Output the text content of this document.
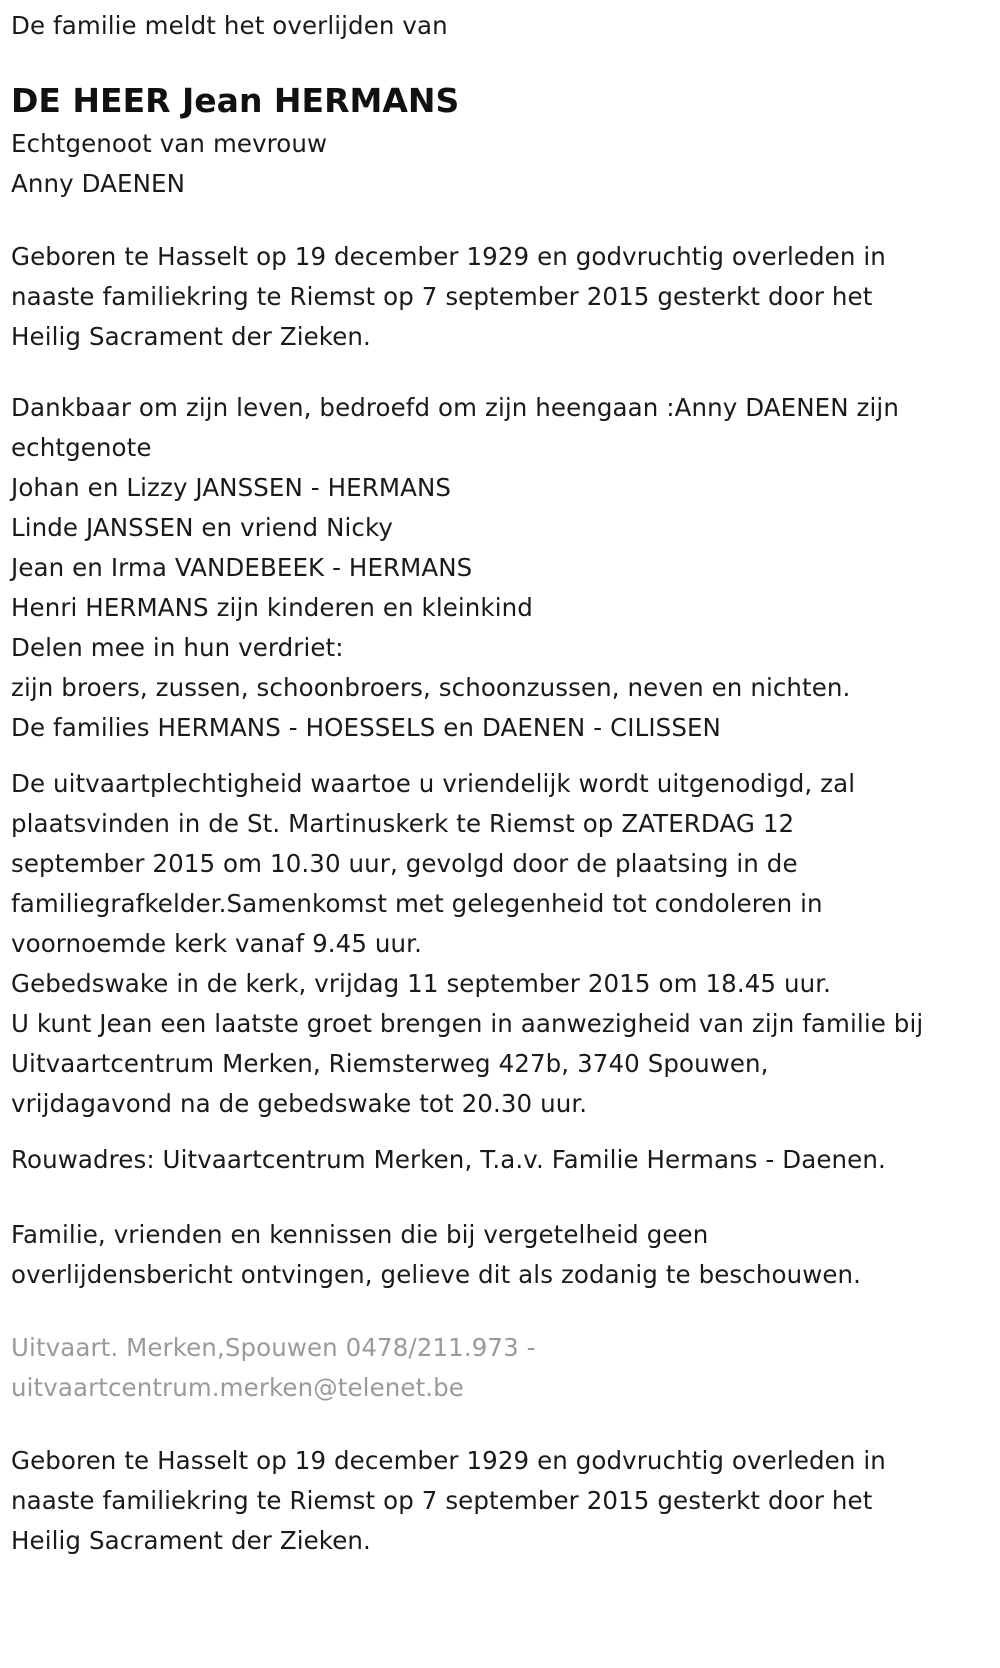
De familie meldt het overlijden van
DE HEER Jean HERMANS
Echtgenoot van mevrouw
Anny DAENEN
Geboren te Hasselt op 19 december 1929 en godvruchtig overleden in
naaste familiekring te Riemst op 7 september 2015 gesterkt door het
Heilig Sacrament der Zieken.
Dankbaar om zijn leven, bedroefd om zijn heengaan :Anny DAENEN zijn
echtgenote
Johan en Lizzy JANSSEN - HERMANS
Linde JANSSEN en vriend Nicky
Jean en Irma VANDEBEEK - HERMANS
Henri HERMANS zijn kinderen en kleinkind
Delen mee in hun verdriet:
zijn broers, zussen, schoonbroers, schoonzussen, neven en nichten.
De families HERMANS - HOESSELS en DAENEN - CILISSEN
De uitvaartplechtigheid waartoe u vriendelijk wordt uitgenodigd, zal
plaatsvinden in de St. Martinuskerk te Riemst op ZATERDAG 12
september 2015 om 10.30 uur, gevolgd door de plaatsing in de
familiegrafkelder.Samenkomst met gelegenheid tot condoleren in
voornoemde kerk vanaf 9.45 uur.
Gebedswake in de kerk, vrijdag 11 september 2015 om 18.45 uur.
U kunt Jean een laatste groet brengen in aanwezigheid van zijn familie bij
Uitvaartcentrum Merken, Riemsterweg 427b, 3740 Spouwen,
vrijdagavond na de gebedswake tot 20.30 uur.
Rouwadres: Uitvaartcentrum Merken, T.a.v. Familie Hermans - Daenen.
Familie, vrienden en kennissen die bij vergetelheid geen
overlijdensbericht ontvingen, gelieve dit als zodanig te beschouwen.
Uitvaart. Merken,Spouwen 0478/211.973 -
uitvaartcentrum.merken@telenet.be
Geboren te Hasselt op 19 december 1929 en godvruchtig overleden in
naaste familiekring te Riemst op 7 september 2015 gesterkt door het
Heilig Sacrament der Zieken.
